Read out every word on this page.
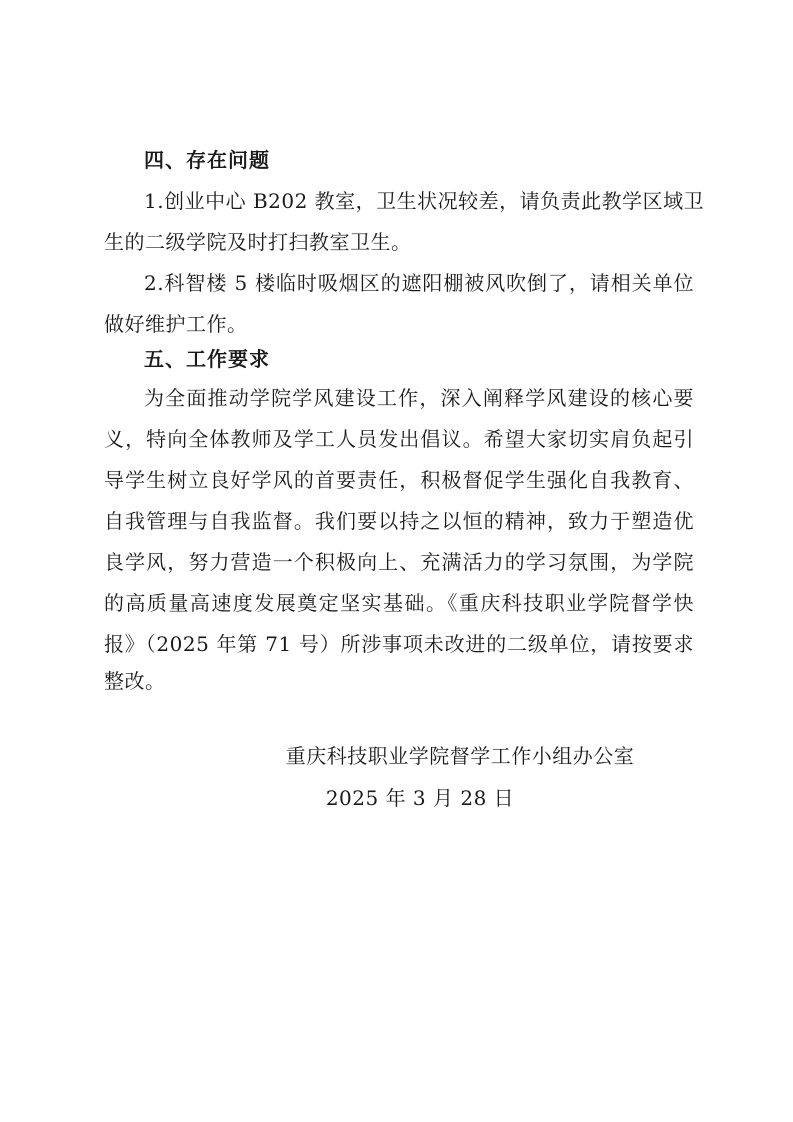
四、存在问题
1.创业中心 B202 教室，卫生状况较差，请负责此教学区域卫
生的二级学院及时打扫教室卫生。
2.科智楼 5 楼临时吸烟区的遮阳棚被风吹倒了，请相关单位
做好维护工作。
五、工作要求
为全面推动学院学风建设工作，深入阐释学风建设的核心要
义，特向全体教师及学工人员发出倡议。希望大家切实肩负起引
导学生树立良好学风的首要责任，积极督促学生强化自我教育、
自我管理与自我监督。我们要以持之以恒的精神，致力于塑造优
良学风，努力营造一个积极向上、充满活力的学习氛围，为学院
的高质量高速度发展奠定坚实基础。《重庆科技职业学院督学快
报》（2025 年第 71 号）所涉事项未改进的二级单位，请按要求
整改。
重庆科技职业学院督学工作小组办公室
2025 年 3 月 28 日
